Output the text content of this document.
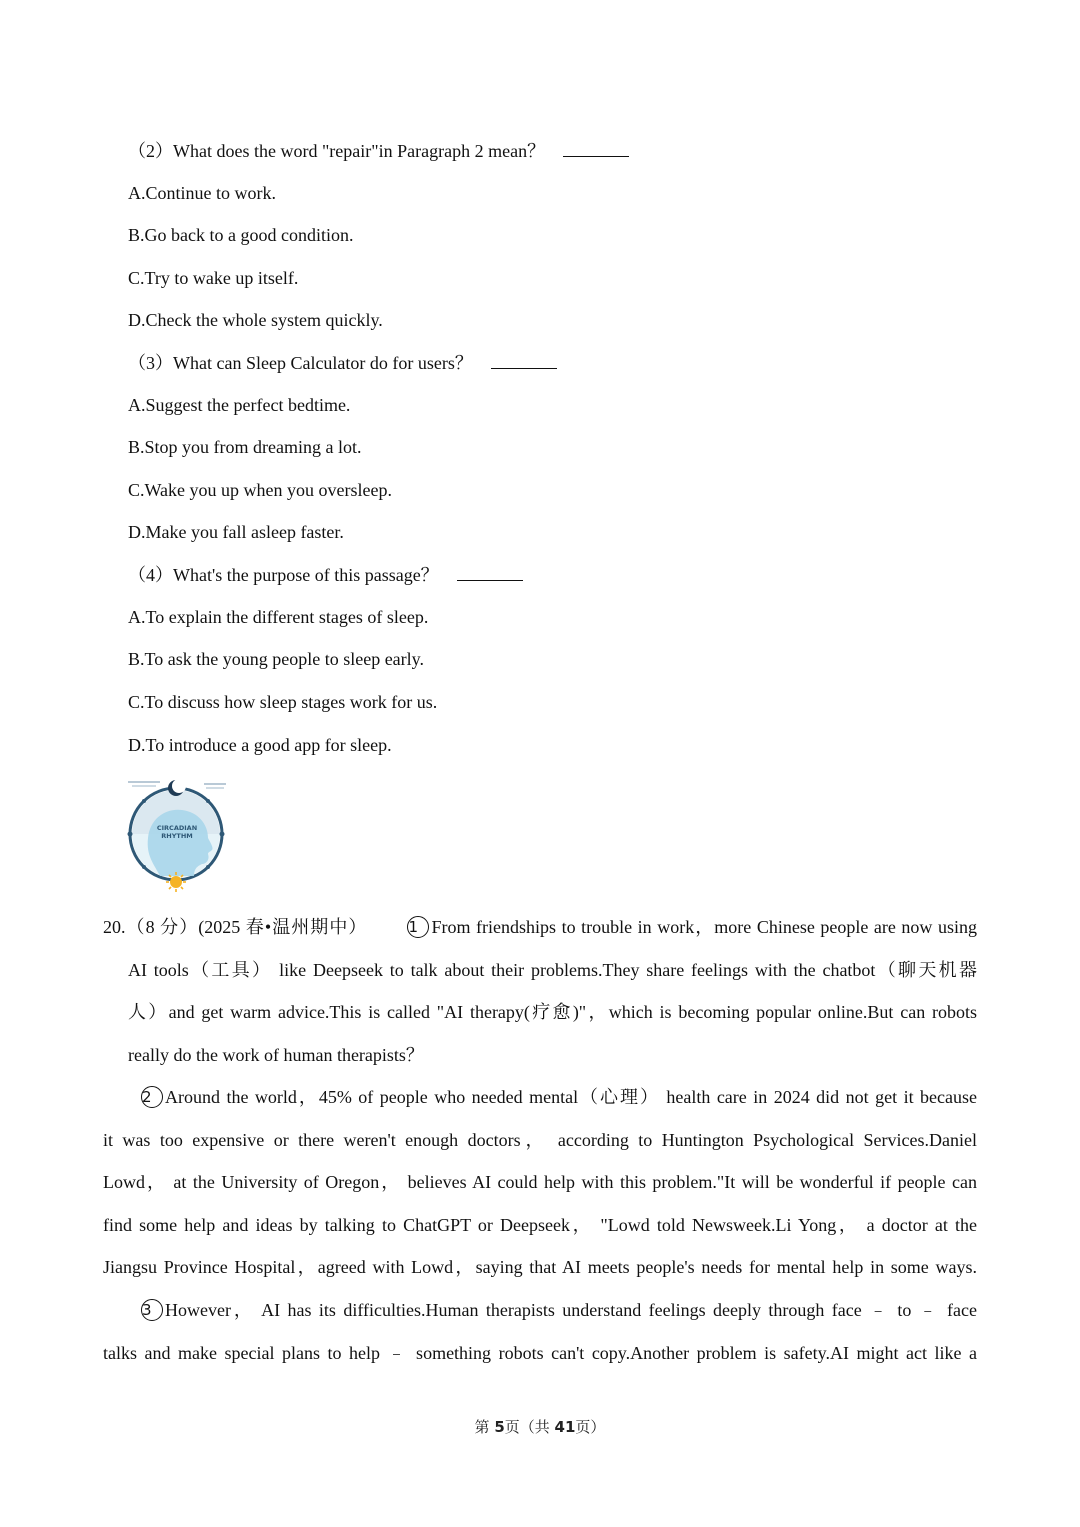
（2）What does the word "repair"in Paragraph 2 mean？
A.Continue to work.
B.Go back to a good condition.
C.Try to wake up itself.
D.Check the whole system quickly.
（3）What can Sleep Calculator do for users？
A.Suggest the perfect bedtime.
B.Stop you from dreaming a lot.
C.Wake you up when you oversleep.
D.Make you fall asleep faster.
（4）What's the purpose of this passage？
A.To explain the different stages of sleep.
B.To ask the young people to sleep early.
C.To discuss how sleep stages work for us.
D.To introduce a good app for sleep.
CIRCADIAN
RHYTHM
20.（8 分）(2025 春•温州期中）	1 From friendships to trouble in work，more Chinese people are now using
AI tools（工具） like Deepseek to talk about their problems.They share feelings with the chatbot（聊天机器
人）and get warm advice.This is called "AI therapy(疗愈)"，which is becoming popular online.But can robots
really do the work of human therapists？
2 Around the world，45% of people who needed mental（心理） health care in 2024 did not get it because
it was too expensive or there weren't enough doctors， according to Huntington Psychological Services.Daniel
Lowd， at the University of Oregon， believes AI could help with this problem."It will be wonderful if people can
find some help and ideas by talking to ChatGPT or Deepseek， "Lowd told Newsweek.Li Yong， a doctor at the
Jiangsu Province Hospital，agreed with Lowd，saying that AI meets people's needs for mental help in some ways.
3 However， AI has its difficulties.Human therapists understand feelings deeply through face ﹣ to ﹣ face
talks and make special plans to help ﹣ something robots can't copy.Another problem is safety.AI might act like a
第 5页（共 41页）
